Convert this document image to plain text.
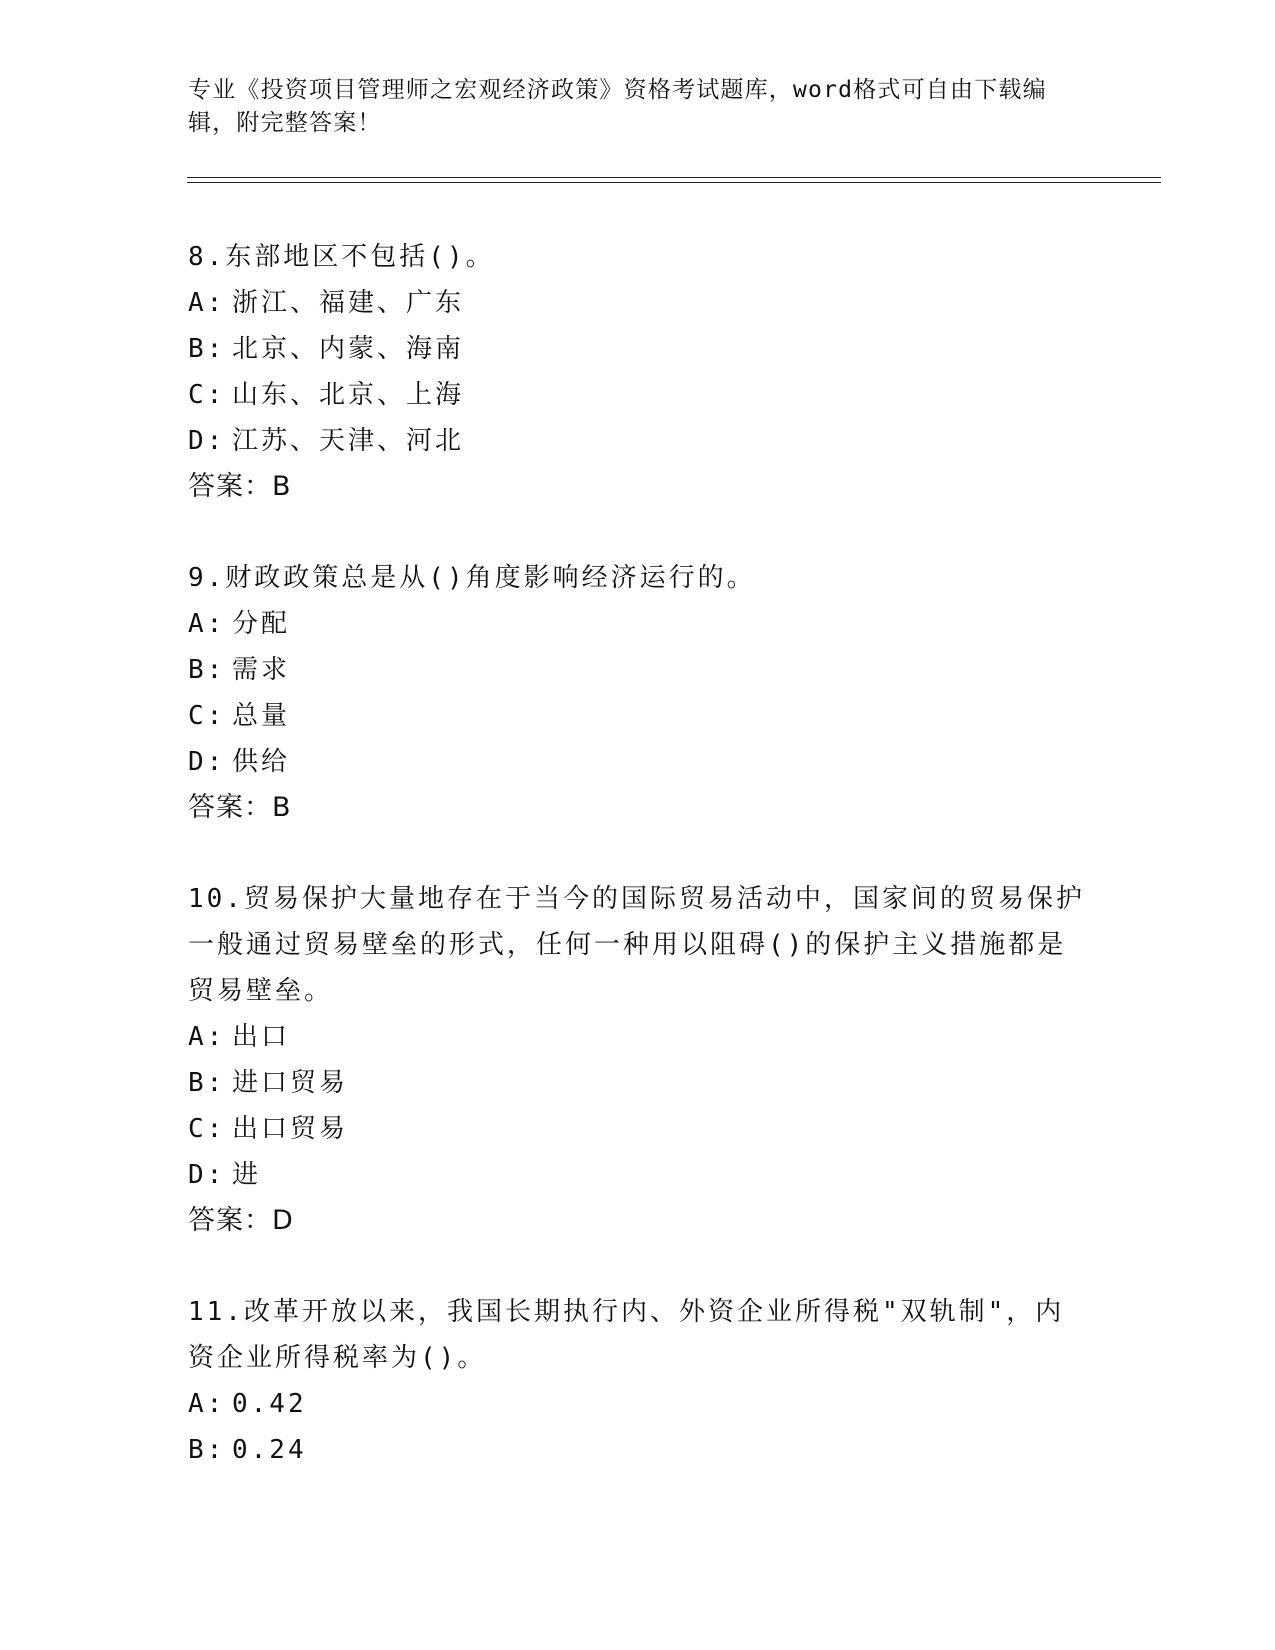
专业《投资项目管理师之宏观经济政策》资格考试题库，word格式可自由下载编辑，附完整答案！

8.东部地区不包括()。

A: 浙江、福建、广东

B: 北京、内蒙、海南

C: 山东、北京、上海

D: 江苏、天津、河北

答案：B

9.财政政策总是从()角度影响经济运行的。

A: 分配

B: 需求

C: 总量

D: 供给

答案：B

10.贸易保护大量地存在于当今的国际贸易活动中，国家间的贸易保护一般通过贸易壁垒的形式，任何一种用以阻碍()的保护主义措施都是贸易壁垒。

A: 出口

B: 进口贸易

C: 出口贸易

D: 进

答案：D

11.改革开放以来，我国长期执行内、外资企业所得税"双轨制"，内资企业所得税率为()。

A: 0.42

B: 0.24
